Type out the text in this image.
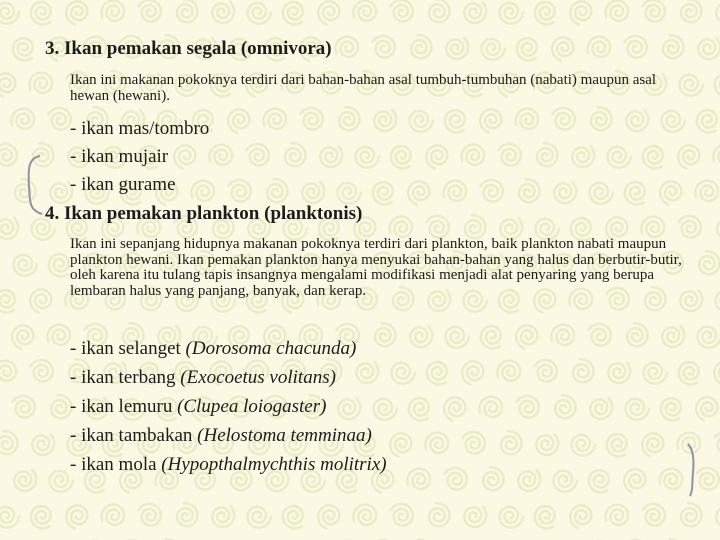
3. Ikan pemakan segala (omnivora)

Ikan ini makanan pokoknya terdiri dari bahan-bahan asal tumbuh-tumbuhan (nabati) maupun asal hewan (hewani).

- ikan mas/tombro
- ikan mujair
- ikan gurame
4. Ikan pemakan plankton (planktonis)

Ikan ini sepanjang hidupnya makanan pokoknya terdiri dari plankton, baik plankton nabati maupun plankton hewani. Ikan pemakan plankton hanya menyukai bahan-bahan yang halus dan berbutir-butir, oleh karena itu tulang tapis insangnya mengalami modifikasi menjadi alat penyaring yang berupa lembaran halus yang panjang, banyak, dan kerap.

- ikan selanget (Dorosoma chacunda)
- ikan terbang (Exocoetus volitans)
- ikan lemuru (Clupea loiogaster)
- ikan tambakan (Helostoma temminaa)
- ikan mola (Hypopthalmychthis molitrix)
